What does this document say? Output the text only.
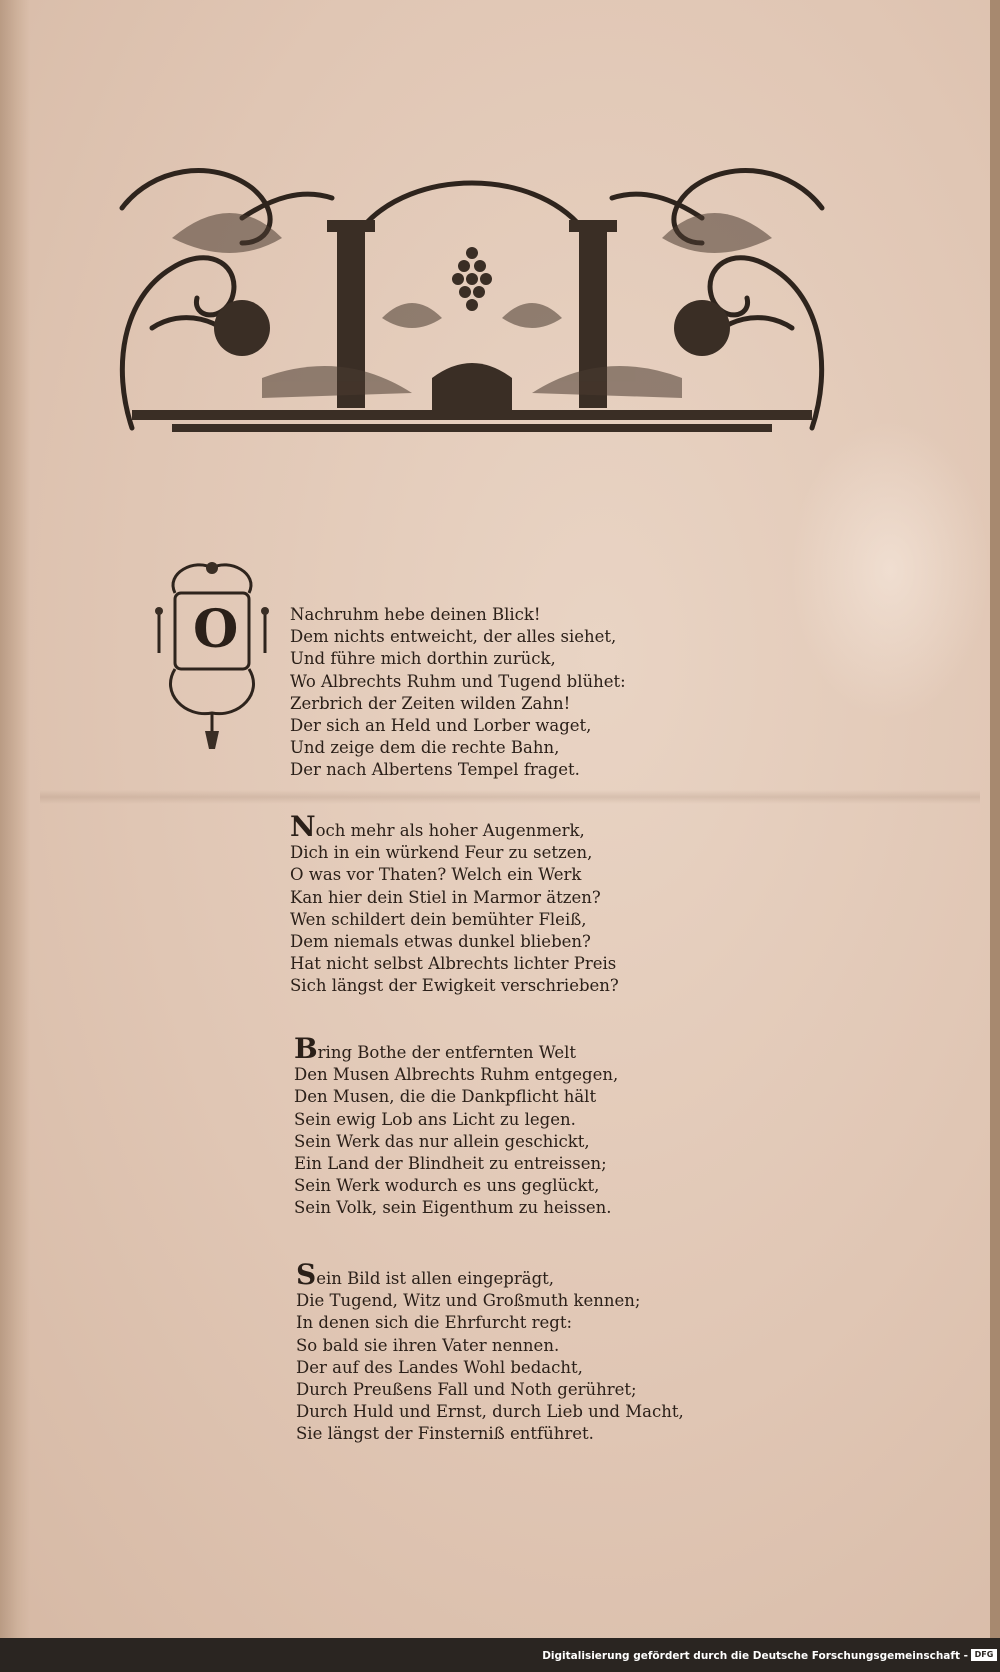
O	Nachruhm hebe deinen Blick!
Dem nichts entweicht, der alles siehet,
Und führe mich dorthin zurück,
Wo Albrechts Ruhm und Tugend blühet:
Zerbrich der Zeiten wilden Zahn!
Der sich an Held und Lorber waget,
Und zeige dem die rechte Bahn,
Der nach Albertens Tempel fraget.
Noch mehr als hoher Augenmerk,
Dich in ein würkend Feur zu setzen,
O was vor Thaten? Welch ein Werk
Kan hier dein Stiel in Marmor ätzen?
Wen schildert dein bemühter Fleiß,
Dem niemals etwas dunkel blieben?
Hat nicht selbst Albrechts lichter Preis
Sich längst der Ewigkeit verschrieben?
Bring Bothe der entfernten Welt
Den Musen Albrechts Ruhm entgegen,
Den Musen, die die Dankpflicht hält
Sein ewig Lob ans Licht zu legen.
Sein Werk das nur allein geschickt,
Ein Land der Blindheit zu entreissen;
Sein Werk wodurch es uns geglückt,
Sein Volk, sein Eigenthum zu heissen.
Sein Bild ist allen eingeprägt,
Die Tugend, Witz und Großmuth kennen;
In denen sich die Ehrfurcht regt:
So bald sie ihren Vater nennen.
Der auf des Landes Wohl bedacht,
Durch Preußens Fall und Noth gerühret;
Durch Huld und Ernst, durch Lieb und Macht,
Sie längst der Finsterniß entführet.
Digitalisierung gefördert durch die Deutsche Forschungsgemeinschaft - DFG
